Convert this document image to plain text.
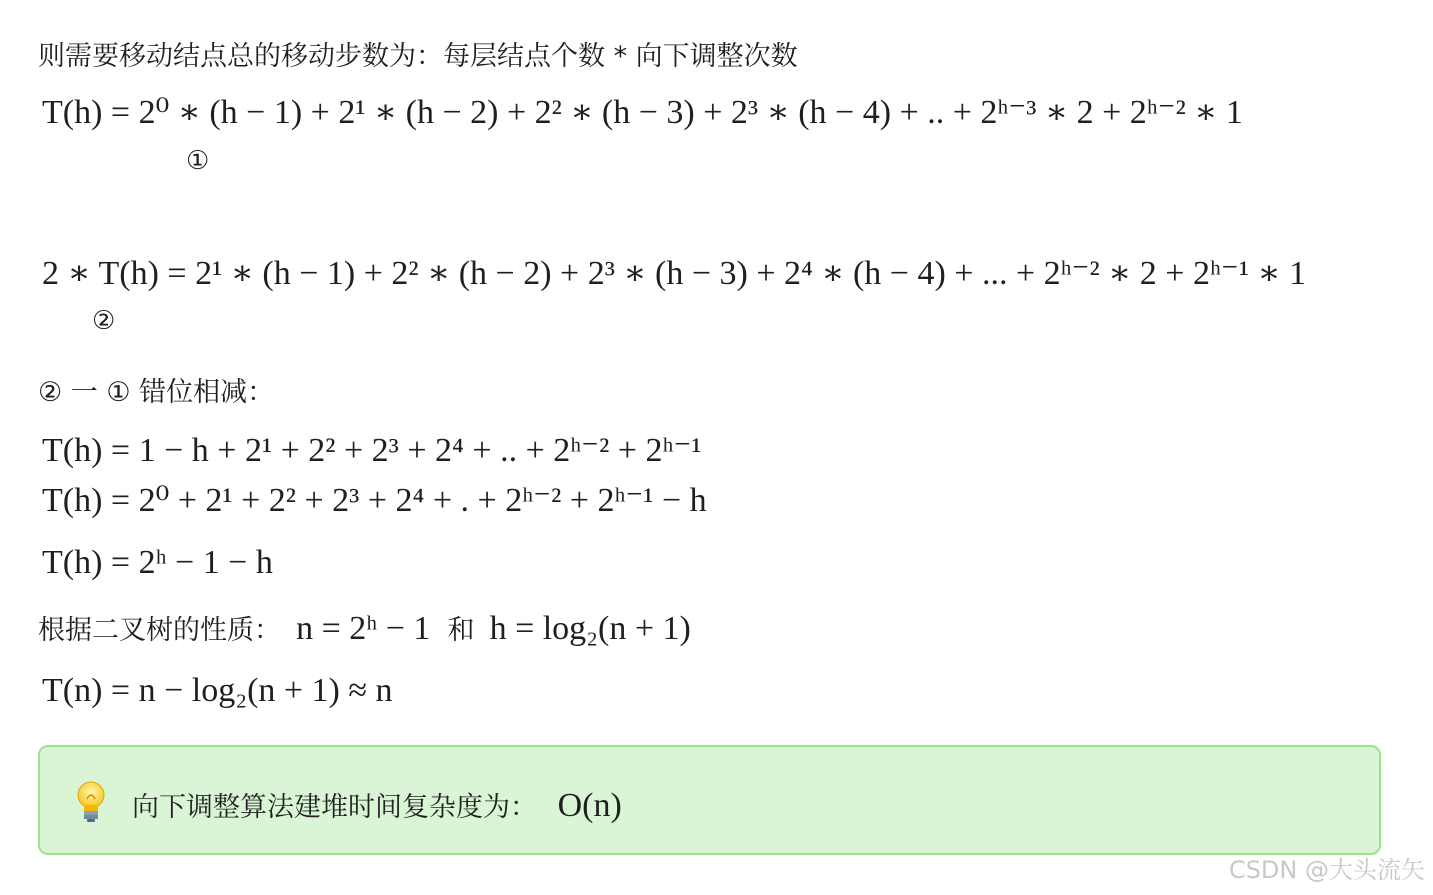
则需要移动结点总的移动步数为：每层结点个数 * 向下调整次数
T(h) = 2⁰ ∗ (h − 1) + 2¹ ∗ (h − 2) + 2² ∗ (h − 3) + 2³ ∗ (h − 4) + .. + 2ʰ⁻³ ∗ 2 + 2ʰ⁻² ∗ 1
①
2 ∗ T(h) = 2¹ ∗ (h − 1) + 2² ∗ (h − 2) + 2³ ∗ (h − 3) + 2⁴ ∗ (h − 4) + ... + 2ʰ⁻² ∗ 2 + 2ʰ⁻¹ ∗ 1
②
② 一 ① 错位相减：
T(h) = 1 − h + 2¹ + 2² + 2³ + 2⁴ + .. + 2ʰ⁻² + 2ʰ⁻¹
T(h) = 2⁰ + 2¹ + 2² + 2³ + 2⁴ + . + 2ʰ⁻² + 2ʰ⁻¹ − h
T(h) = 2ʰ − 1 − h
根据二叉树的性质： n = 2ʰ − 1 和 h = log₂(n + 1)
T(n) = n − log₂(n + 1) ≈ n
向下调整算法建堆时间复杂度为： O(n)
CSDN @大头流矢
